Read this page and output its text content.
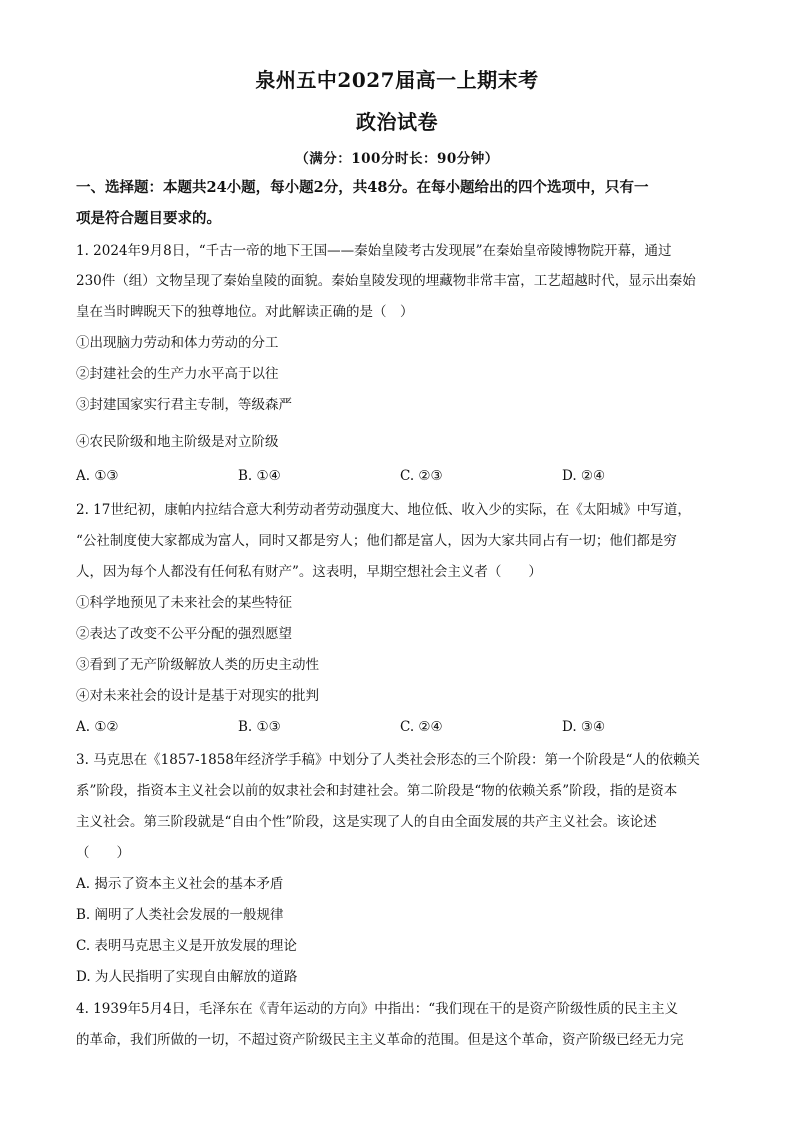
泉州五中2027届高一上期末考
政治试卷
（满分：100分时长：90分钟）
一、选择题：本题共24小题，每小题2分，共48分。在每小题给出的四个选项中，只有一
项是符合题目要求的。
1. 2024年9月8日，“千古一帝的地下王国——秦始皇陵考古发现展”在秦始皇帝陵博物院开幕，通过
230件（组）文物呈现了秦始皇陵的面貌。秦始皇陵发现的埋藏物非常丰富，工艺超越时代，显示出秦始
皇在当时睥睨天下的独尊地位。对此解读正确的是（　）
①出现脑力劳动和体力劳动的分工
②封建社会的生产力水平高于以往
③封建国家实行君主专制，等级森严
④农民阶级和地主阶级是对立阶级
A. ①③	B. ①④	C. ②③	D. ②④
2. 17世纪初，康帕内拉结合意大利劳动者劳动强度大、地位低、收入少的实际，在《太阳城》中写道，
“公社制度使大家都成为富人，同时又都是穷人；他们都是富人，因为大家共同占有一切；他们都是穷
人，因为每个人都没有任何私有财产”。这表明，早期空想社会主义者（　　）
①科学地预见了未来社会的某些特征
②表达了改变不公平分配的强烈愿望
③看到了无产阶级解放人类的历史主动性
④对未来社会的设计是基于对现实的批判
A. ①②	B. ①③	C. ②④	D. ③④
3. 马克思在《1857-1858年经济学手稿》中划分了人类社会形态的三个阶段：第一个阶段是“人的依赖关
系”阶段，指资本主义社会以前的奴隶社会和封建社会。第二阶段是“物的依赖关系”阶段，指的是资本
主义社会。第三阶段就是“自由个性”阶段，这是实现了人的自由全面发展的共产主义社会。该论述
（　　）
A. 揭示了资本主义社会的基本矛盾
B. 阐明了人类社会发展的一般规律
C. 表明马克思主义是开放发展的理论
D. 为人民指明了实现自由解放的道路
4. 1939年5月4日，毛泽东在《青年运动的方向》中指出：“我们现在干的是资产阶级性质的民主主义
的革命，我们所做的一切，不超过资产阶级民主主义革命的范围。但是这个革命，资产阶级已经无力完
